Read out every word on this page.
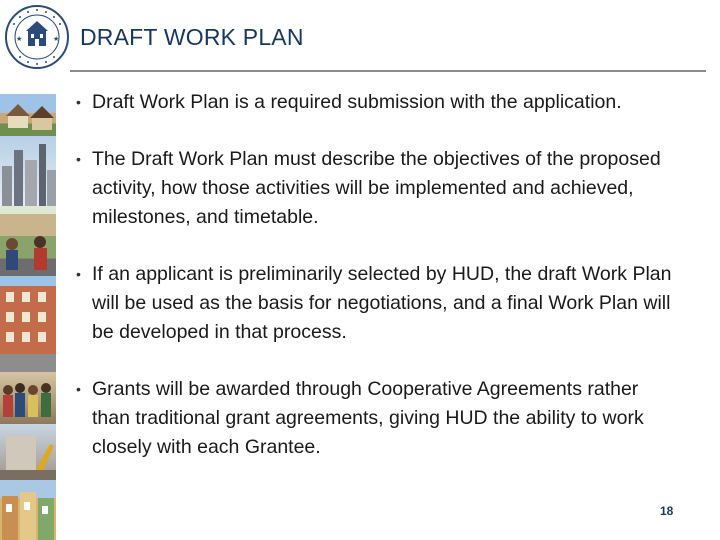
★	★ DRAFT WORK PLAN
• Draft Work Plan is a required submission with the application.
• The Draft Work Plan must describe the objectives of the proposed activity, how those activities will be implemented and achieved, milestones, and timetable.
• If an applicant is preliminarily selected by HUD, the draft Work Plan will be used as the basis for negotiations, and a final Work Plan will be developed in that process.
• Grants will be awarded through Cooperative Agreements rather than traditional grant agreements, giving HUD the ability to work closely with each Grantee.
18
